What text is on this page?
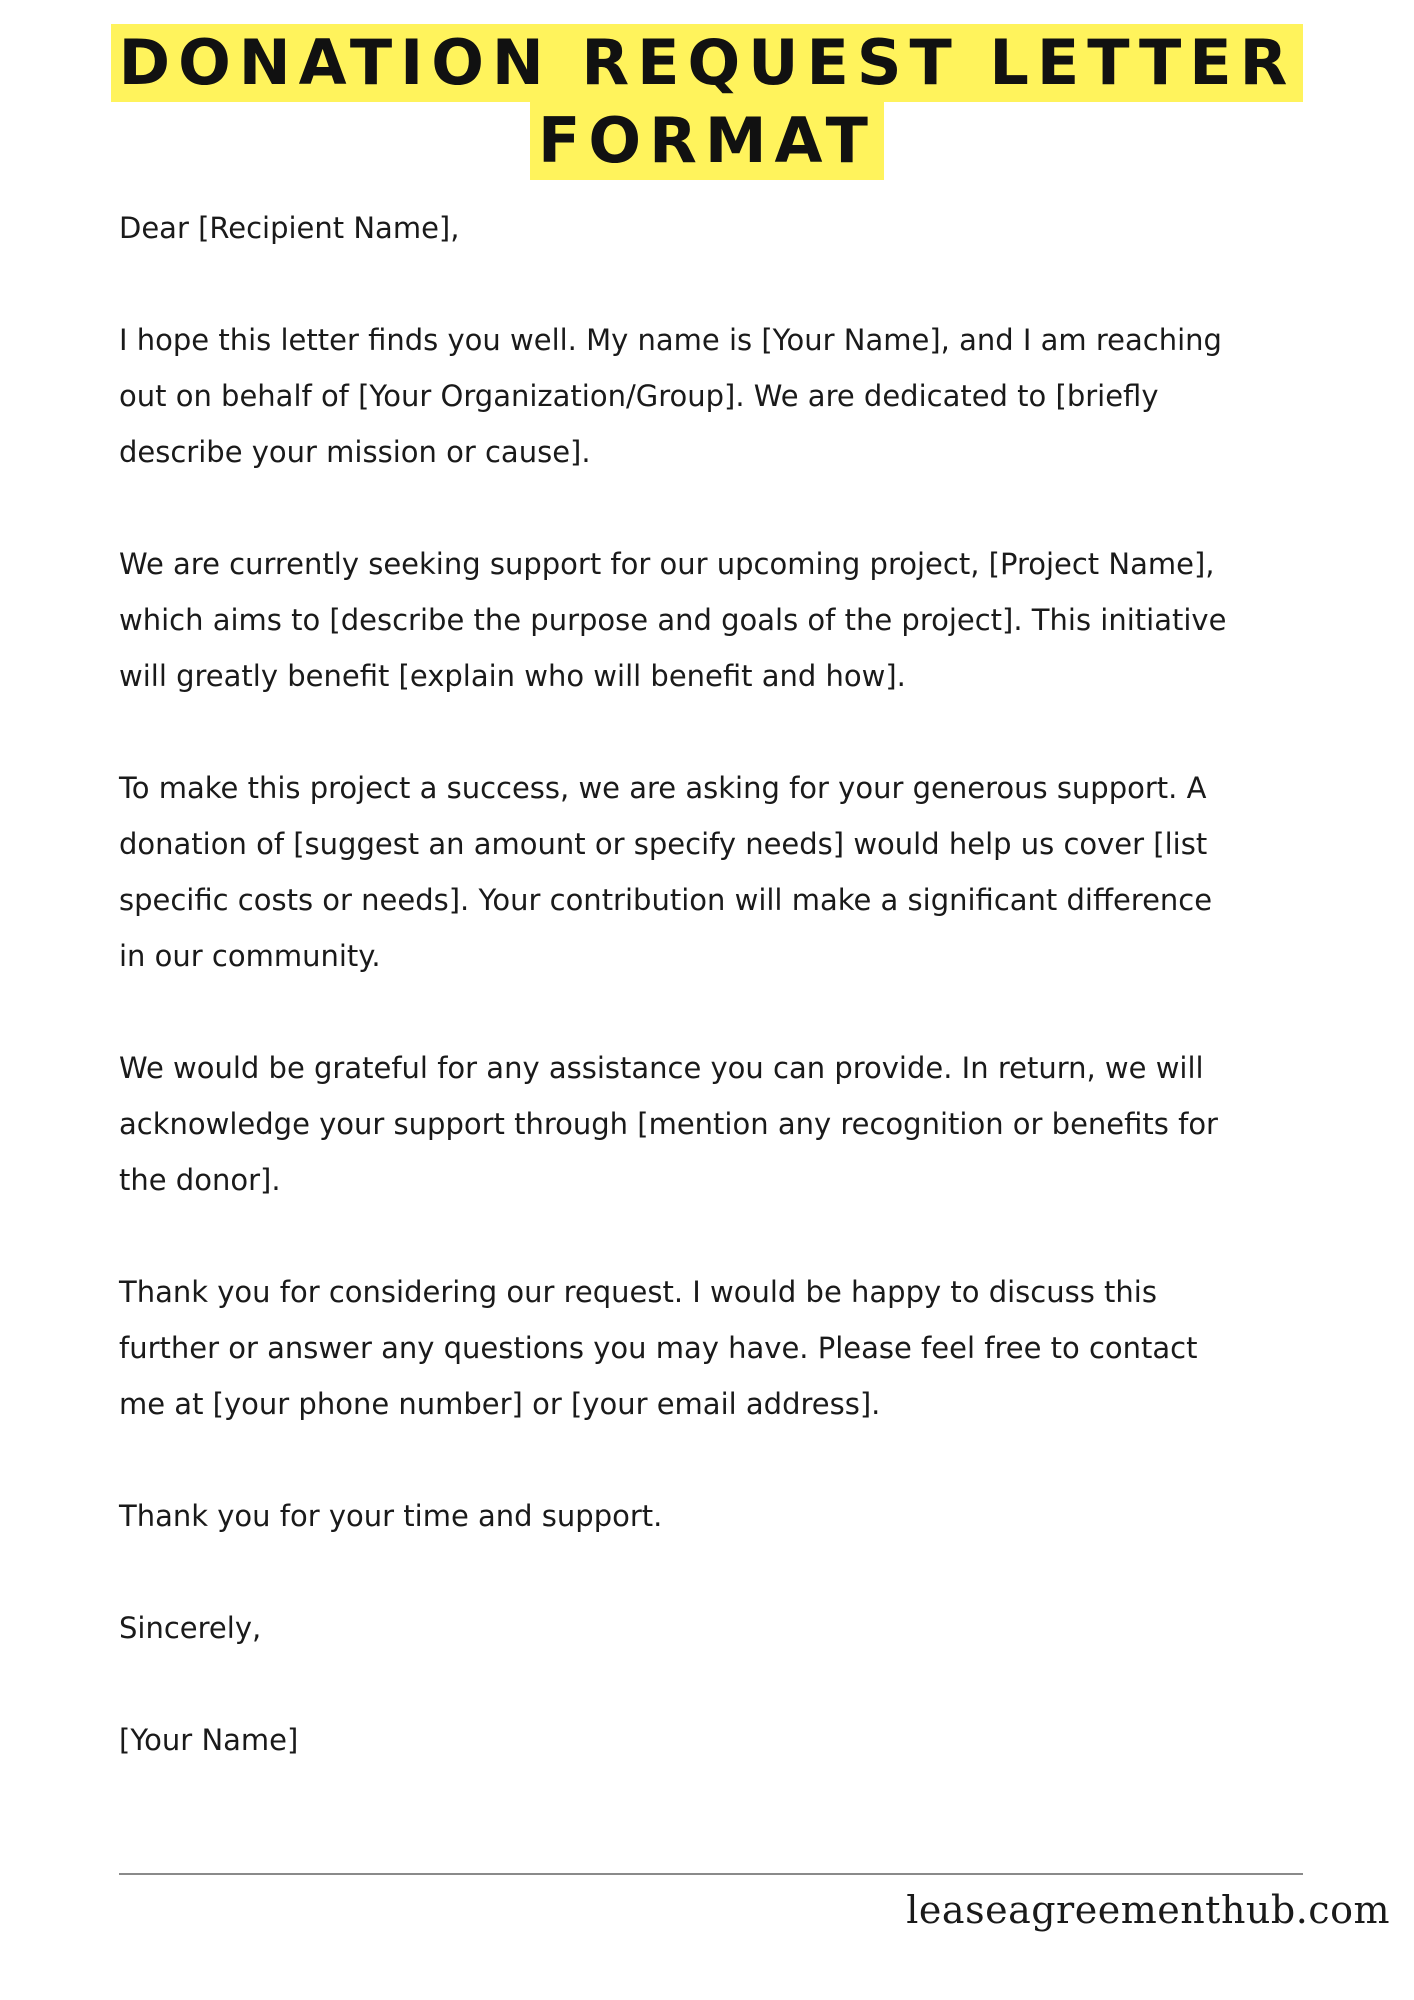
DONATION REQUEST LETTER
FORMAT

Dear [Recipient Name],

I hope this letter finds you well. My name is [Your Name], and I am reaching
out on behalf of [Your Organization/Group]. We are dedicated to [briefly
describe your mission or cause].

We are currently seeking support for our upcoming project, [Project Name],
which aims to [describe the purpose and goals of the project]. This initiative
will greatly benefit [explain who will benefit and how].

To make this project a success, we are asking for your generous support. A
donation of [suggest an amount or specify needs] would help us cover [list
specific costs or needs]. Your contribution will make a significant difference
in our community.

We would be grateful for any assistance you can provide. In return, we will
acknowledge your support through [mention any recognition or benefits for
the donor].

Thank you for considering our request. I would be happy to discuss this
further or answer any questions you may have. Please feel free to contact
me at [your phone number] or [your email address].

Thank you for your time and support.

Sincerely,

[Your Name]

leaseagreementhub.com
